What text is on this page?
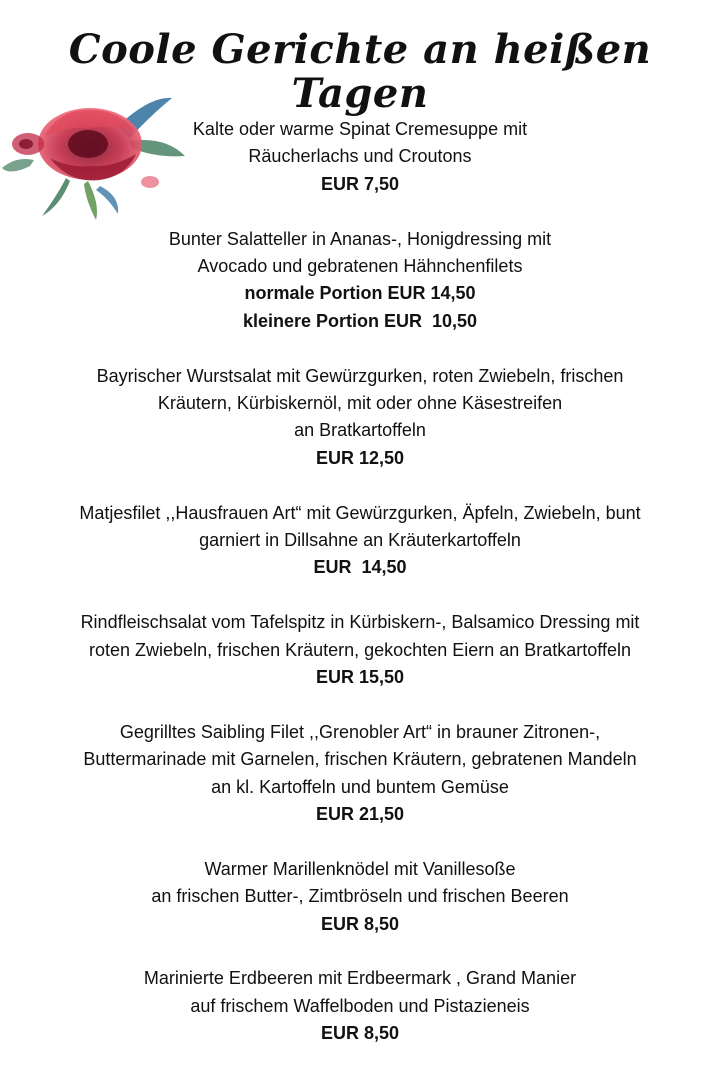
Coole Gerichte an heißen Tagen
Kalte oder warme Spinat Cremesuppe mit
Räucherlachs und Croutons
EUR 7,50
Bunter Salatteller in Ananas-, Honigdressing mit
Avocado und gebratenen Hähnchenfilets
normale Portion EUR 14,50
kleinere Portion EUR  10,50
Bayrischer Wurstsalat mit Gewürzgurken, roten Zwiebeln, frischen
Kräutern, Kürbiskernöl, mit oder ohne Käsestreifen
an Bratkartoffeln
EUR 12,50
Matjesfilet ,,Hausfrauen Art“ mit Gewürzgurken, Äpfeln, Zwiebeln, bunt
garniert in Dillsahne an Kräuterkartoffeln
EUR  14,50
Rindfleischsalat vom Tafelspitz in Kürbiskern-, Balsamico Dressing mit
roten Zwiebeln, frischen Kräutern, gekochten Eiern an Bratkartoffeln
EUR 15,50
Gegrilltes Saibling Filet ,,Grenobler Art“ in brauner Zitronen-,
Buttermarinade mit Garnelen, frischen Kräutern, gebratenen Mandeln
an kl. Kartoffeln und buntem Gemüse
EUR 21,50
Warmer Marillenknödel mit Vanillesoße
an frischen Butter-, Zimtbröseln und frischen Beeren
EUR 8,50
Marinierte Erdbeeren mit Erdbeermark , Grand Manier
auf frischem Waffelboden und Pistazieneis
EUR 8,50
